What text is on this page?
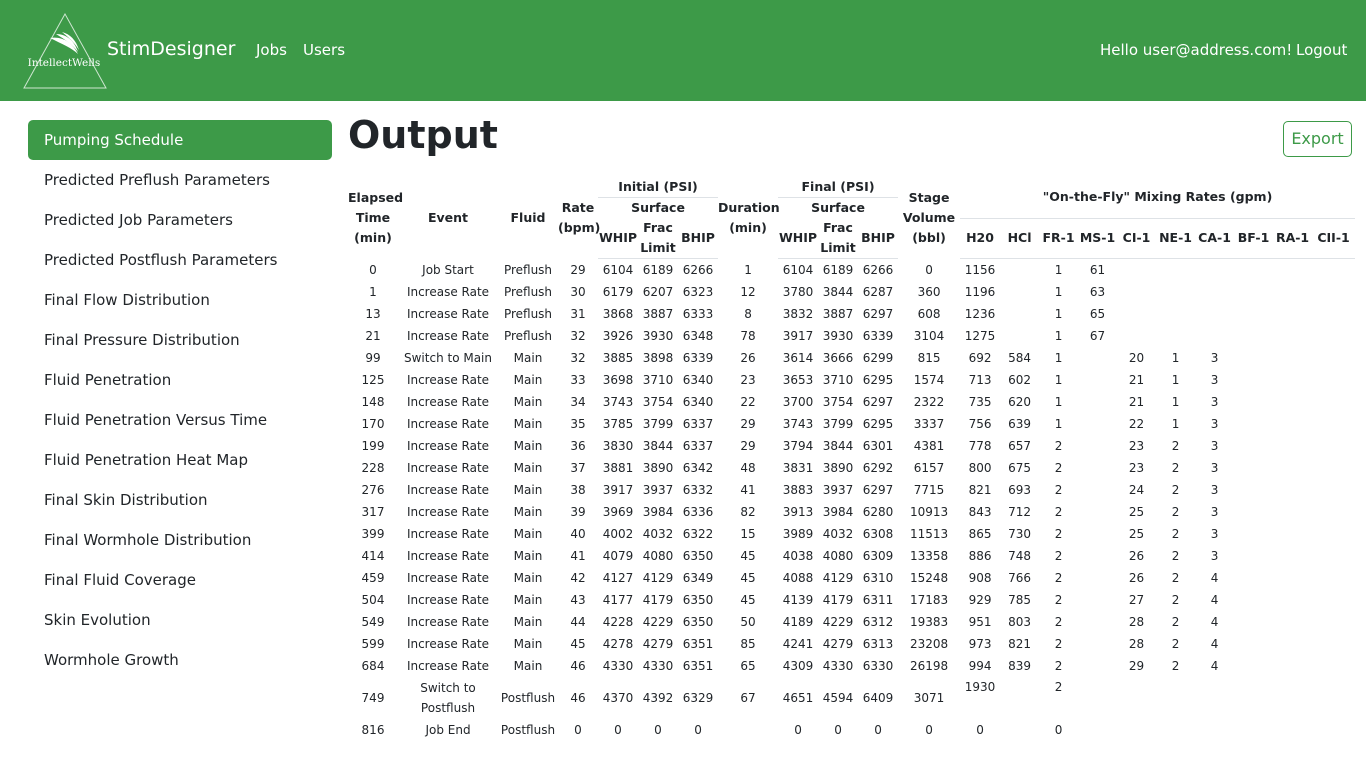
IntellectWells
StimDesigner Jobs Users	Hello user@address.com! Logout
Pumping Schedule
Predicted Preflush Parameters
Predicted Job Parameters
Predicted Postflush Parameters
Final Flow Distribution
Final Pressure Distribution
Fluid Penetration
Fluid Penetration Versus Time
Fluid Penetration Heat Map
Final Skin Distribution
Final Wormhole Distribution
Final Fluid Coverage
Skin Evolution
Wormhole Growth
Output	Export
Elapsed Time (min)	Event	Fluid	Rate (bpm)	Initial (PSI)			Duration (min)	Final (PSI)			Stage Volume (bbl)	"On-the-Fly" Mixing Rates (gpm)									
				Surface				Surface													
				WHIP	Frac Limit	BHIP		WHIP	Frac Limit	BHIP		H20	HCl	FR-1	MS-1	CI-1	NE-1	CA-1	BF-1	RA-1	CII-1
0	Job Start	Preflush	29	6104	6189	6266	1	6104	6189	6266	0	1156		1	61						
1	Increase Rate	Preflush	30	6179	6207	6323	12	3780	3844	6287	360	1196		1	63						
13	Increase Rate	Preflush	31	3868	3887	6333	8	3832	3887	6297	608	1236		1	65						
21	Increase Rate	Preflush	32	3926	3930	6348	78	3917	3930	6339	3104	1275		1	67						
99	Switch to Main	Main	32	3885	3898	6339	26	3614	3666	6299	815	692	584	1		20	1	3			
125	Increase Rate	Main	33	3698	3710	6340	23	3653	3710	6295	1574	713	602	1		21	1	3			
148	Increase Rate	Main	34	3743	3754	6340	22	3700	3754	6297	2322	735	620	1		21	1	3			
170	Increase Rate	Main	35	3785	3799	6337	29	3743	3799	6295	3337	756	639	1		22	1	3			
199	Increase Rate	Main	36	3830	3844	6337	29	3794	3844	6301	4381	778	657	2		23	2	3			
228	Increase Rate	Main	37	3881	3890	6342	48	3831	3890	6292	6157	800	675	2		23	2	3			
276	Increase Rate	Main	38	3917	3937	6332	41	3883	3937	6297	7715	821	693	2		24	2	3			
317	Increase Rate	Main	39	3969	3984	6336	82	3913	3984	6280	10913	843	712	2		25	2	3			
399	Increase Rate	Main	40	4002	4032	6322	15	3989	4032	6308	11513	865	730	2		25	2	3			
414	Increase Rate	Main	41	4079	4080	6350	45	4038	4080	6309	13358	886	748	2		26	2	3			
459	Increase Rate	Main	42	4127	4129	6349	45	4088	4129	6310	15248	908	766	2		26	2	4			
504	Increase Rate	Main	43	4177	4179	6350	45	4139	4179	6311	17183	929	785	2		27	2	4			
549	Increase Rate	Main	44	4228	4229	6350	50	4189	4229	6312	19383	951	803	2		28	2	4			
599	Increase Rate	Main	45	4278	4279	6351	85	4241	4279	6313	23208	973	821	2		28	2	4			
684	Increase Rate	Main	46	4330	4330	6351	65	4309	4330	6330	26198	994	839	2		29	2	4			
749	Switch to Postflush	Postflush	46	4370	4392	6329	67	4651	4594	6409	3071	1930		2							
816	Job End	Postflush	0	0	0	0		0	0	0	0	0		0							
